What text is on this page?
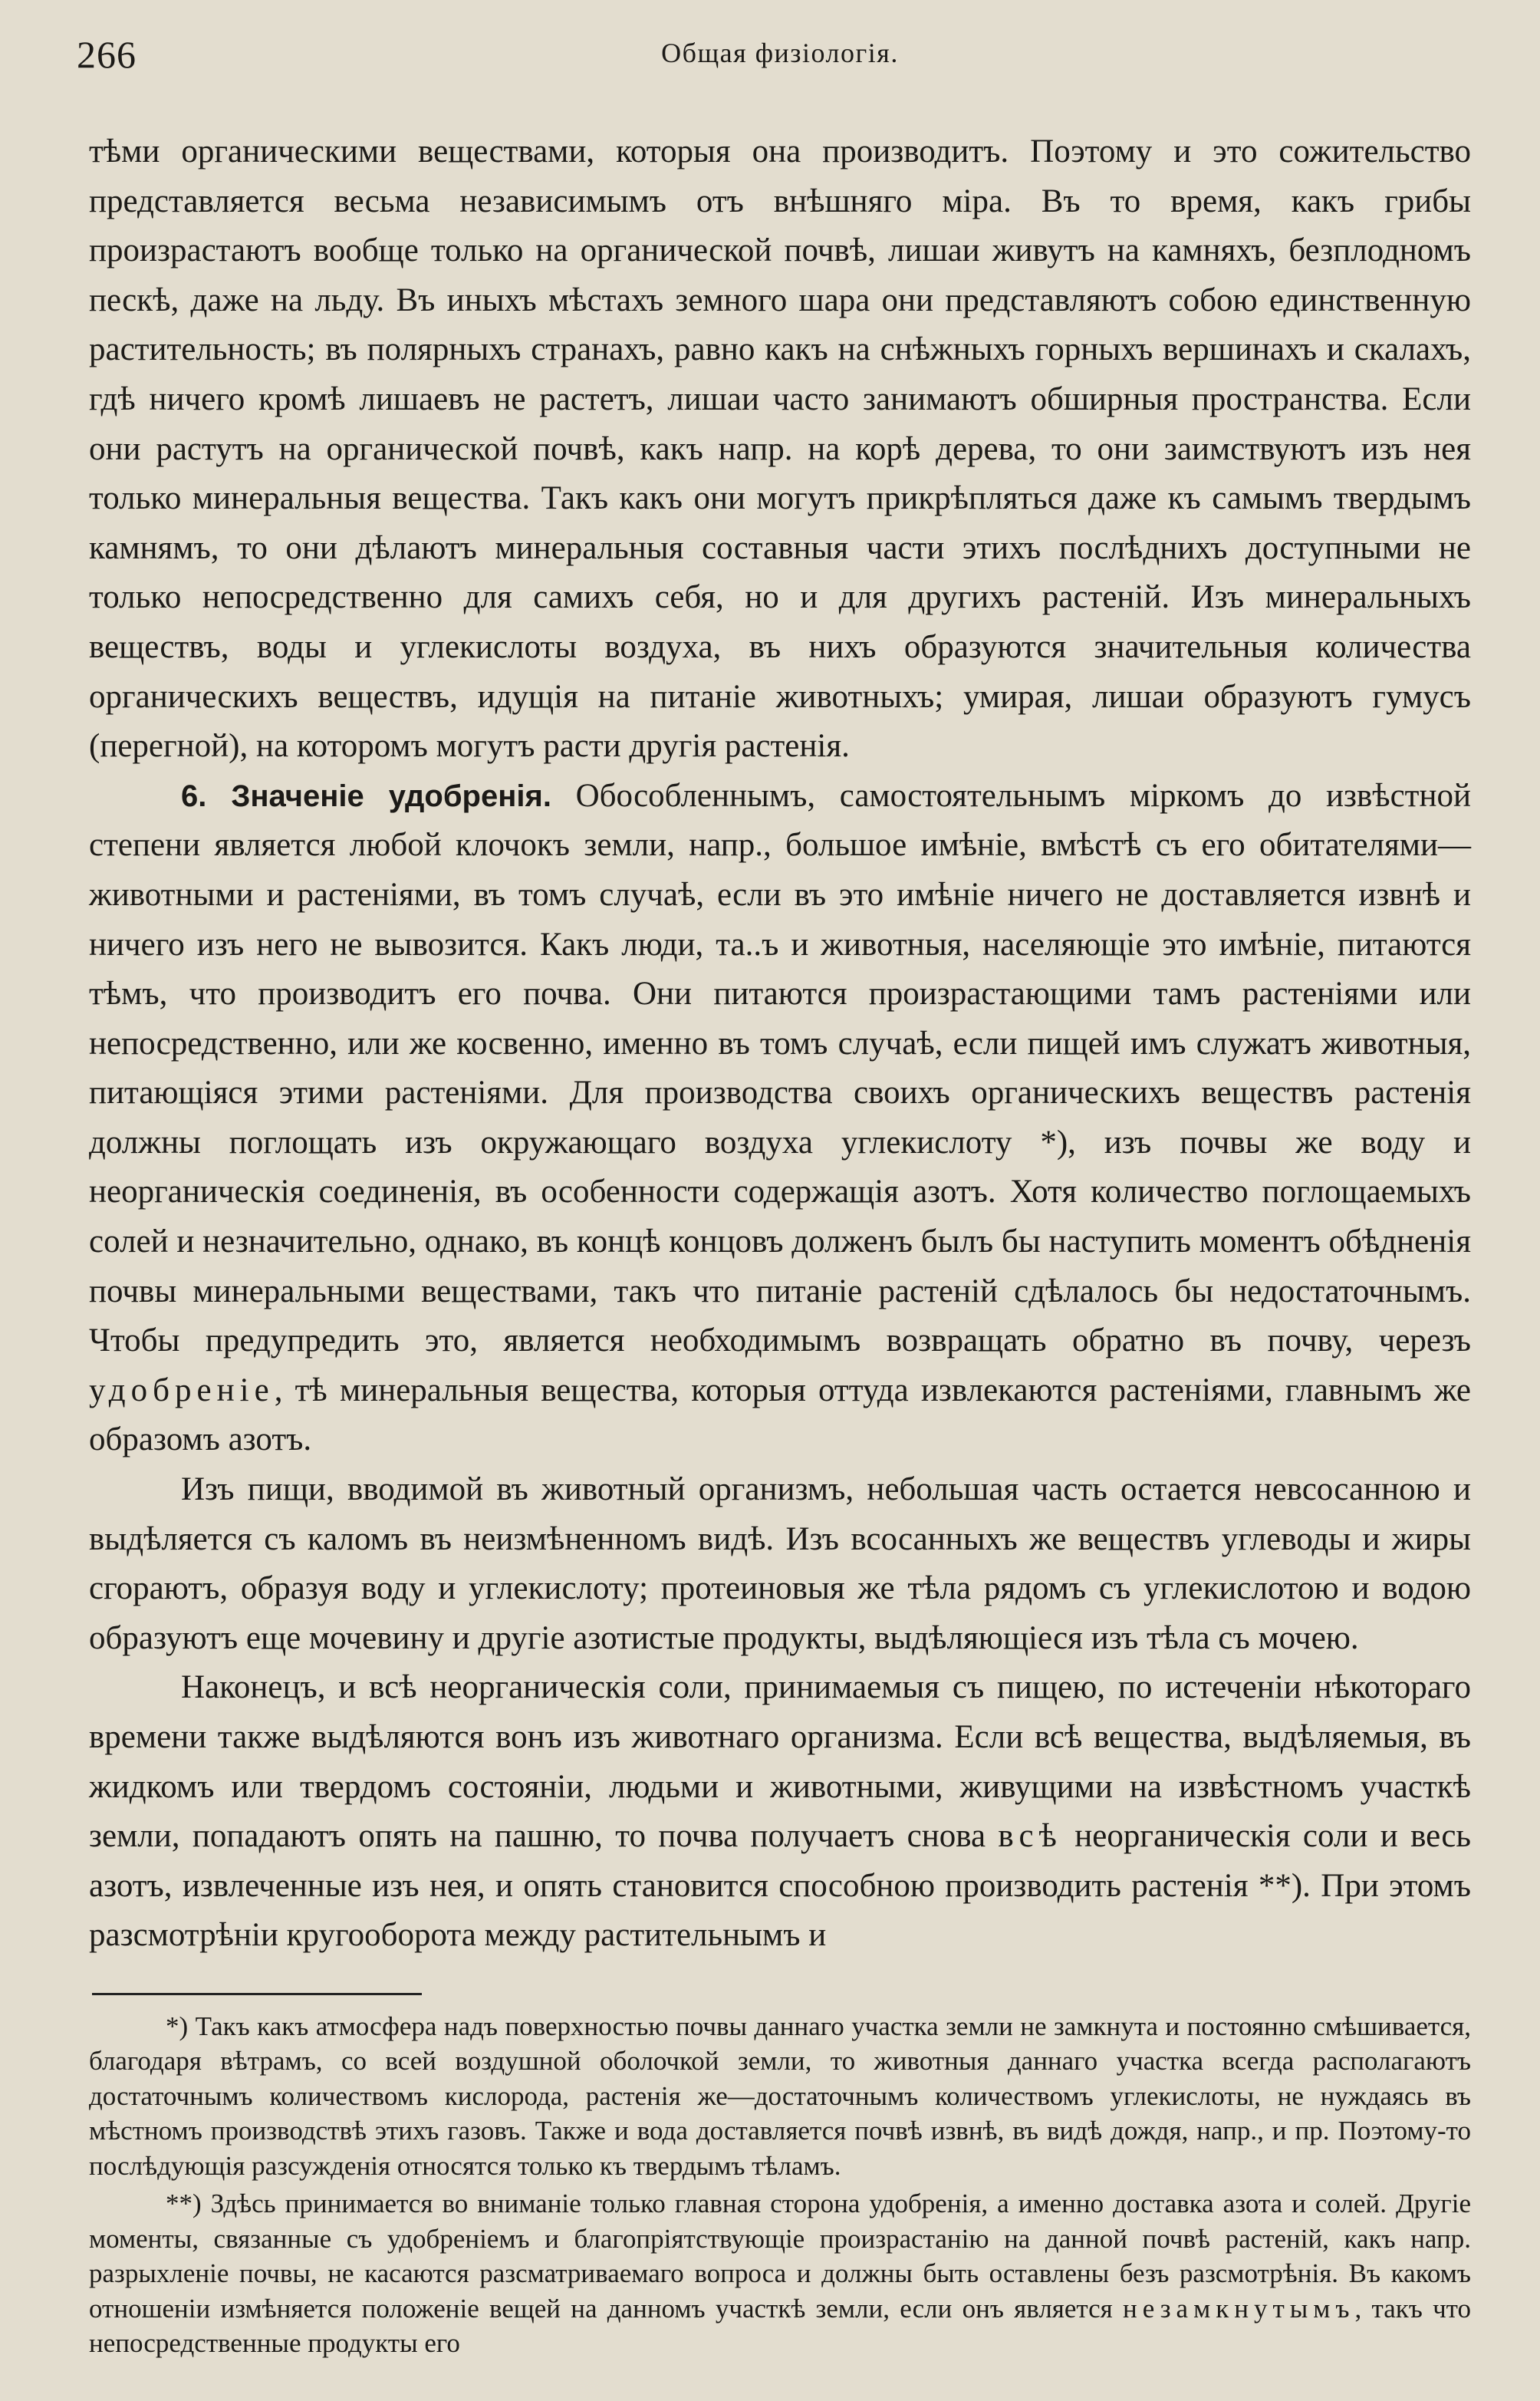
266	Общая физiологiя.

тѣми органическими веществами, которыя она производитъ. Поэтому и это сожительство представляется весьма независимымъ отъ внѣшняго мiра. Въ то время, какъ грибы произрастаютъ вообще только на органической почвѣ, лишаи живутъ на камняхъ, безплодномъ пескѣ, даже на льду. Въ иныхъ мѣстахъ земного шара они представляютъ собою единственную растительность; въ полярныхъ странахъ, равно какъ на снѣжныхъ горныхъ вершинахъ и скалахъ, гдѣ ничего кромѣ лишаевъ не растетъ, лишаи часто занимаютъ обширныя пространства. Если они растутъ на органической почвѣ, какъ напр. на корѣ дерева, то они заимствуютъ изъ нея только минеральныя вещества. Такъ какъ они могутъ прикрѣпляться даже къ самымъ твердымъ камнямъ, то они дѣлаютъ минеральныя составныя части этихъ послѣднихъ доступными не только непосредственно для самихъ себя, но и для другихъ растенiй. Изъ минеральныхъ веществъ, воды и углекислоты воздуха, въ нихъ образуются значительныя количества органическихъ веществъ, идущiя на питанiе животныхъ; умирая, лишаи образуютъ гумусъ (перегной), на которомъ могутъ расти другiя растенiя.

6. Значенiе удобренiя. Обособленнымъ, самостоятельнымъ мiркомъ до извѣстной степени является любой клочокъ земли, напр., большое имѣнiе, вмѣстѣ съ его обитателями—животными и растенiями, въ томъ случаѣ, если въ это имѣнiе ничего не доставляется извнѣ и ничего изъ него не вывозится. Какъ люди, та..ъ и животныя, населяющiе это имѣнiе, питаются тѣмъ, что производитъ его почва. Они питаются произрастающими тамъ растенiями или непосредственно, или же косвенно, именно въ томъ случаѣ, если пищей имъ служатъ животныя, питающiяся этими растенiями. Для производства своихъ органическихъ веществъ растенiя должны поглощать изъ окружающаго воздуха углекислоту *), изъ почвы же воду и неорганическiя соединенiя, въ особенности содержащiя азотъ. Хотя количество поглощаемыхъ солей и незначительно, однако, въ концѣ концовъ долженъ былъ бы наступить моментъ обѣдненiя почвы минеральными веществами, такъ что питанiе растенiй сдѣлалось бы недостаточнымъ. Чтобы предупредить это, является необходимымъ возвращать обратно въ почву, черезъ удобренiе, тѣ минеральныя вещества, которыя оттуда извлекаются растенiями, главнымъ же образомъ азотъ.

Изъ пищи, вводимой въ животный организмъ, небольшая часть остается невсосанною и выдѣляется съ каломъ въ неизмѣненномъ видѣ. Изъ всосанныхъ же веществъ углеводы и жиры сгораютъ, образуя воду и углекислоту; протеиновыя же тѣла рядомъ съ углекислотою и водою образуютъ еще мочевину и другiе азотистые продукты, выдѣляющiеся изъ тѣла съ мочею.

Наконецъ, и всѣ неорганическiя соли, принимаемыя съ пищею, по истеченiи нѣкотораго времени также выдѣляются вонъ изъ животнаго организма. Если всѣ вещества, выдѣляемыя, въ жидкомъ или твердомъ состоянiи, людьми и животными, живущими на извѣстномъ участкѣ земли, попадаютъ опять на пашню, то почва получаетъ снова всѣ неорганическiя соли и весь азотъ, извлеченные изъ нея, и опять становится способною производить растенiя **). При этомъ разсмотрѣнiи кругооборота между растительнымъ и

*) Такъ какъ атмосфера надъ поверхностью почвы даннаго участка земли не замкнута и постоянно смѣшивается, благодаря вѣтрамъ, со всей воздушной оболочкой земли, то животныя даннаго участка всегда располагаютъ достаточнымъ количествомъ кислорода, растенiя же—достаточнымъ количествомъ углекислоты, не нуждаясь въ мѣстномъ производствѣ этихъ газовъ. Также и вода доставляется почвѣ извнѣ, въ видѣ дождя, напр., и пр. Поэтому-то послѣдующiя разсужденiя относятся только къ твердымъ тѣламъ.

**) Здѣсь принимается во вниманiе только главная сторона удобренiя, а именно доставка азота и солей. Другiе моменты, связанные съ удобренiемъ и благопрiятствующiе произрастанiю на данной почвѣ растенiй, какъ напр. разрыхленiе почвы, не касаются разсматриваемаго вопроса и должны быть оставлены безъ разсмотрѣнiя. Въ какомъ отношенiи измѣняется положенiе вещей на данномъ участкѣ земли, если онъ является незамкнутымъ, такъ что непосредственные продукты его
